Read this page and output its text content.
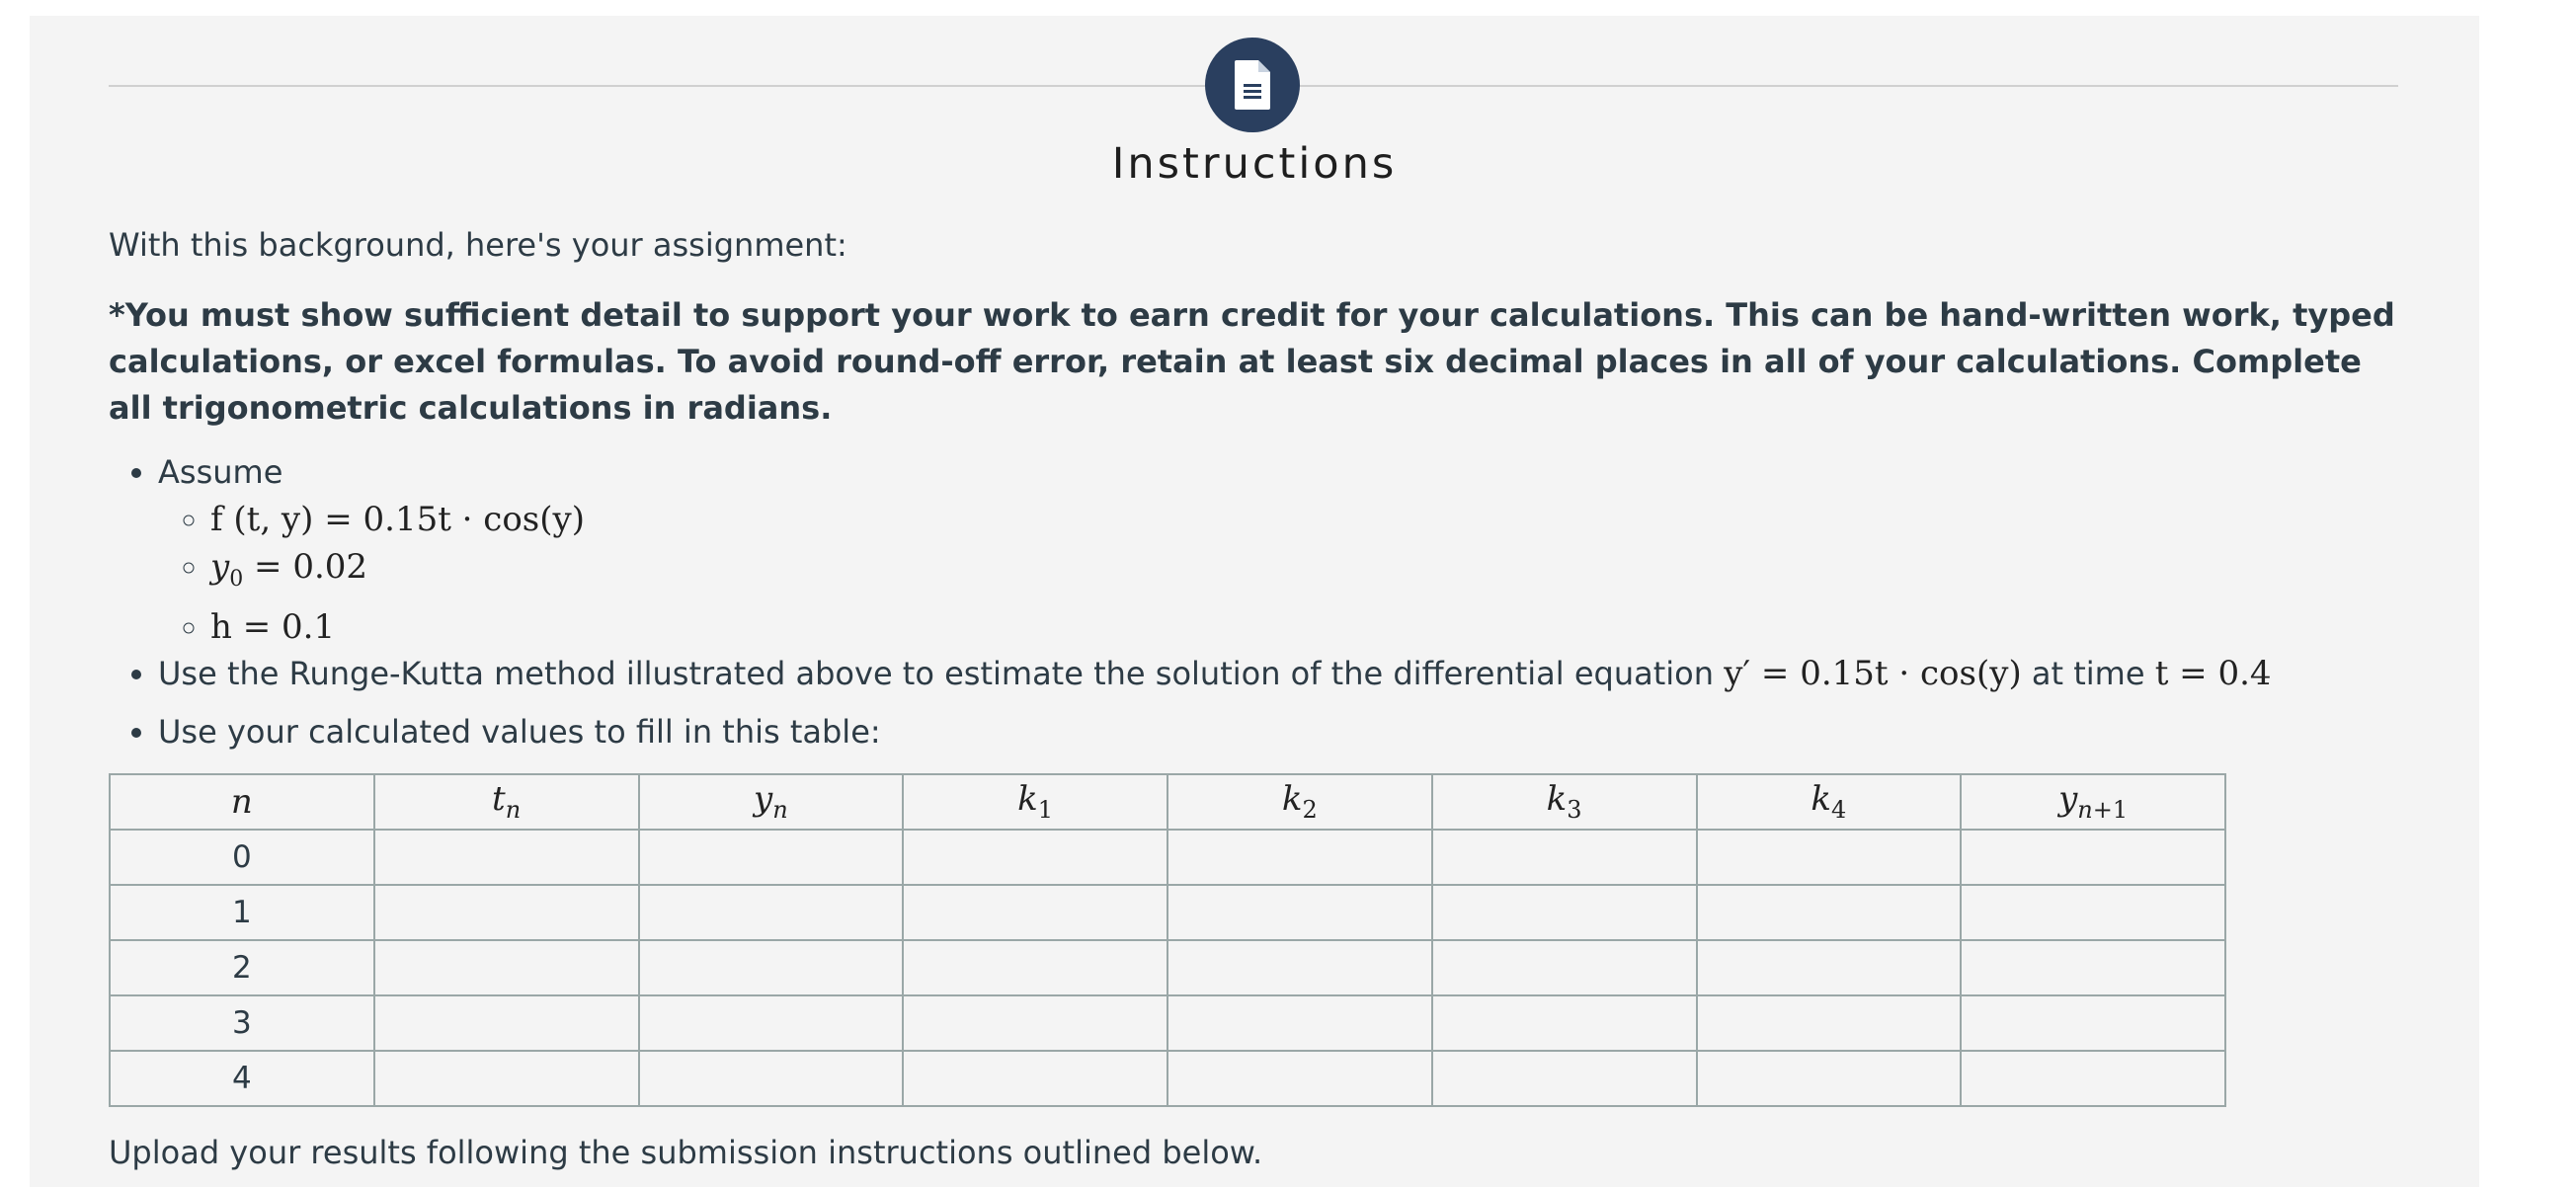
Instructions

With this background, here's your assignment:

*You must show sufficient detail to support your work to earn credit for your calculations. This can be hand-written work, typed calculations, or excel formulas. To avoid round-off error, retain at least six decimal places in all of your calculations. Complete all trigonometric calculations in radians.

• Assume
◦ f (t, y) = 0.15t · cos(y)
◦ $y_0 = 0.02$
◦ h = 0.1
• Use the Runge-Kutta method illustrated above to estimate the solution of the differential equation y′ = 0.15t · cos(y) at time t = 0.4
• Use your calculated values to fill in this table:
n	$t_n$	$y_n$	$k_1$	$k_2$	$k_3$	$k_4$	$y_{n+1}$
0							
1							
2							
3							
4							

Upload your results following the submission instructions outlined below.
